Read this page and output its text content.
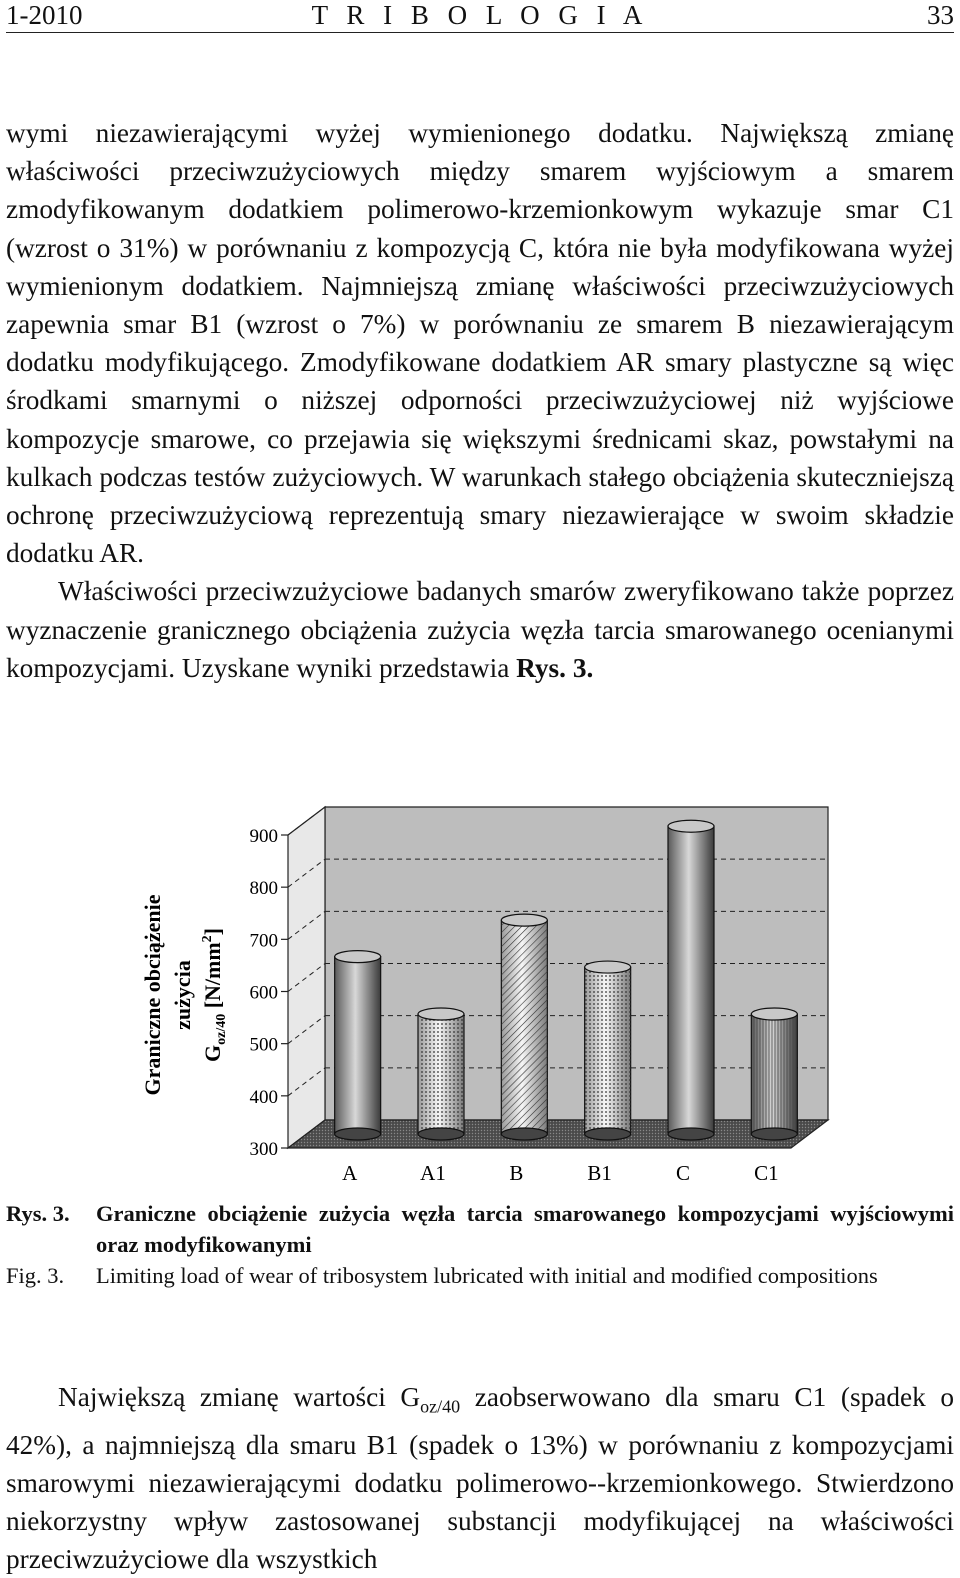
1-2010	T R I B O L O G I A	33

wymi niezawierającymi wyżej wymienionego dodatku. Największą zmianę właściwości przeciwzużyciowych między smarem wyjściowym a smarem zmodyfikowanym dodatkiem polimerowo-krzemionkowym wykazuje smar C1 (wzrost o 31%) w porównaniu z kompozycją C, która nie była modyfikowana wyżej wymienionym dodatkiem. Najmniejszą zmianę właściwości przeciwzużyciowych zapewnia smar B1 (wzrost o 7%) w porównaniu ze smarem B niezawierającym dodatku modyfikującego. Zmodyfikowane dodatkiem AR smary plastyczne są więc środkami smarnymi o niższej odporności przeciwzużyciowej niż wyjściowe kompozycje smarowe, co przejawia się większymi średnicami skaz, powstałymi na kulkach podczas testów zużyciowych. W warunkach stałego obciążenia skuteczniejszą ochronę przeciwzużyciową reprezentują smary niezawierające w swoim składzie dodatku AR.

Właściwości przeciwzużyciowe badanych smarów zweryfikowano także poprzez wyznaczenie granicznego obciążenia zużycia węzła tarcia smarowanego ocenianymi kompozycjami. Uzyskane wyniki przedstawia Rys. 3.

300
400
500
600
700
800
900
A	A1	B	B1	C	C1
Graniczne obciążenie zużycia
$G_{oz/40}$ $[N/mm^2]$
Rys. 3. Graniczne obciążenie zużycia węzła tarcia smarowanego kompozycjami wyjściowymi oraz modyfikowanymi
Fig. 3. Limiting load of wear of tribosystem lubricated with initial and modified compositions

Największą zmianę wartości $G_{oz/40}$ zaobserwowano dla smaru C1 (spadek o 42%), a najmniejszą dla smaru B1 (spadek o 13%) w porównaniu z kompozycjami smarowymi niezawierającymi dodatku polimerowo--krzemionkowego. Stwierdzono niekorzystny wpływ zastosowanej substancji modyfikującej na właściwości przeciwzużyciowe dla wszystkich
